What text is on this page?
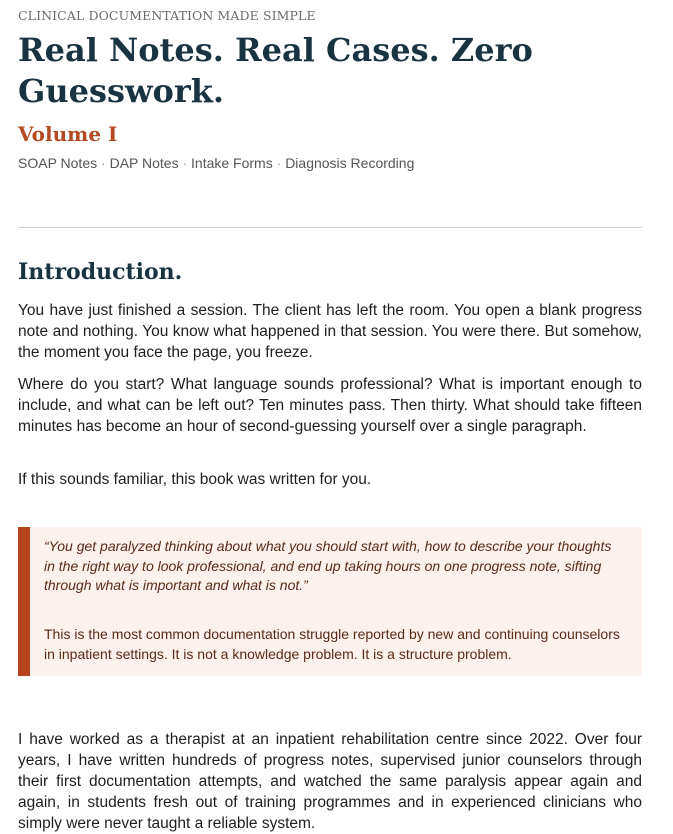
CLINICAL DOCUMENTATION MADE SIMPLE
Real Notes. Real Cases. Zero Guesswork.
Volume I
SOAP Notes · DAP Notes · Intake Forms · Diagnosis Recording
Introduction.

You have just finished a session. The client has left the room. You open a blank progress note and nothing. You know what happened in that session. You were there. But somehow, the moment you face the page, you freeze.

Where do you start? What language sounds professional? What is important enough to include, and what can be left out? Ten minutes pass. Then thirty. What should take fifteen minutes has become an hour of second-guessing yourself over a single paragraph.

If this sounds familiar, this book was written for you.

“You get paralyzed thinking about what you should start with, how to describe your thoughts in the right way to look professional, and end up taking hours on one progress note, sifting through what is important and what is not.”

This is the most common documentation struggle reported by new and continuing counselors in inpatient settings. It is not a knowledge problem. It is a structure problem.

I have worked as a therapist at an inpatient rehabilitation centre since 2022. Over four years, I have written hundreds of progress notes, supervised junior counselors through their first documentation attempts, and watched the same paralysis appear again and again, in students fresh out of training programmes and in experienced clinicians who simply were never taught a reliable system.
